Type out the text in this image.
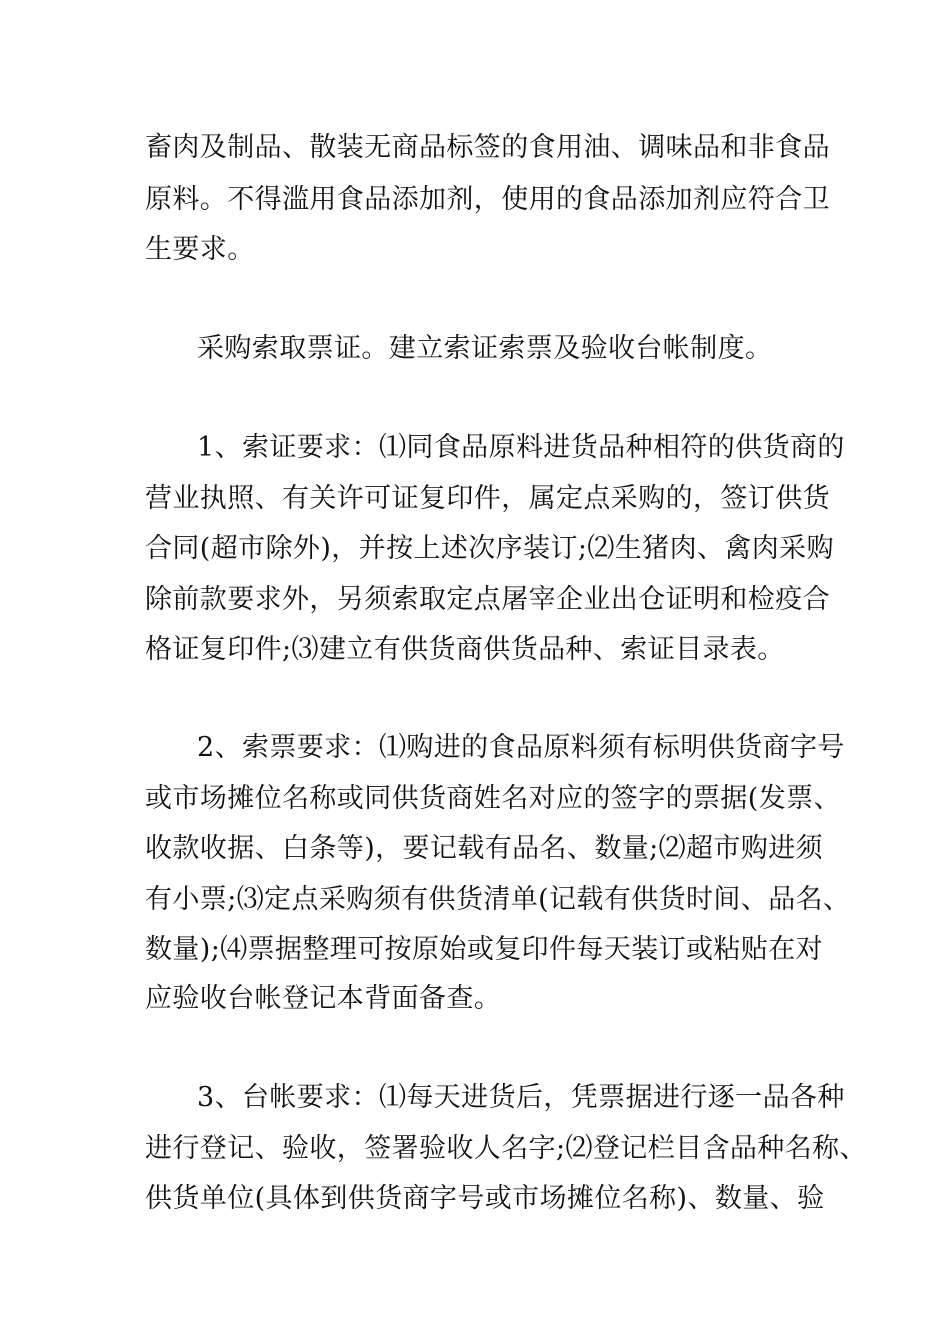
畜肉及制品、散装无商品标签的食用油、调味品和非食品
原料。不得滥用食品添加剂，使用的食品添加剂应符合卫
生要求。
采购索取票证。建立索证索票及验收台帐制度。
1、索证要求：⑴同食品原料进货品种相符的供货商的
营业执照、有关许可证复印件，属定点采购的，签订供货
合同(超市除外)，并按上述次序装订;⑵生猪肉、禽肉采购
除前款要求外，另须索取定点屠宰企业出仓证明和检疫合
格证复印件;⑶建立有供货商供货品种、索证目录表。
2、索票要求：⑴购进的食品原料须有标明供货商字号
或市场摊位名称或同供货商姓名对应的签字的票据(发票、
收款收据、白条等)，要记载有品名、数量;⑵超市购进须
有小票;⑶定点采购须有供货清单(记载有供货时间、品名、
数量);⑷票据整理可按原始或复印件每天装订或粘贴在对
应验收台帐登记本背面备查。
3、台帐要求：⑴每天进货后，凭票据进行逐一品各种
进行登记、验收，签署验收人名字;⑵登记栏目含品种名称、
供货单位(具体到供货商字号或市场摊位名称)、数量、验
